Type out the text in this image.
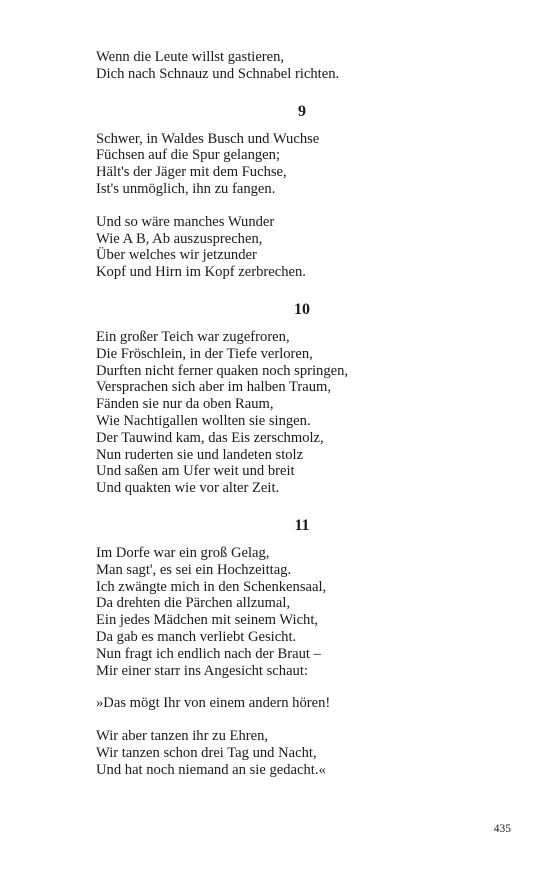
Wenn die Leute willst gastieren,
Dich nach Schnauz und Schnabel richten.
9
Schwer, in Waldes Busch und Wuchse
Füchsen auf die Spur gelangen;
Hält's der Jäger mit dem Fuchse,
Ist's unmöglich, ihn zu fangen.
Und so wäre manches Wunder
Wie A B, Ab auszusprechen,
Über welches wir jetzunder
Kopf und Hirn im Kopf zerbrechen.
10
Ein großer Teich war zugefroren,
Die Fröschlein, in der Tiefe verloren,
Durften nicht ferner quaken noch springen,
Versprachen sich aber im halben Traum,
Fänden sie nur da oben Raum,
Wie Nachtigallen wollten sie singen.
Der Tauwind kam, das Eis zerschmolz,
Nun ruderten sie und landeten stolz
Und saßen am Ufer weit und breit
Und quakten wie vor alter Zeit.
11
Im Dorfe war ein groß Gelag,
Man sagt', es sei ein Hochzeittag.
Ich zwängte mich in den Schenkensaal,
Da drehten die Pärchen allzumal,
Ein jedes Mädchen mit seinem Wicht,
Da gab es manch verliebt Gesicht.
Nun fragt ich endlich nach der Braut –
Mir einer starr ins Angesicht schaut:
»Das mögt Ihr von einem andern hören!
Wir aber tanzen ihr zu Ehren,
Wir tanzen schon drei Tag und Nacht,
Und hat noch niemand an sie gedacht.«
435
